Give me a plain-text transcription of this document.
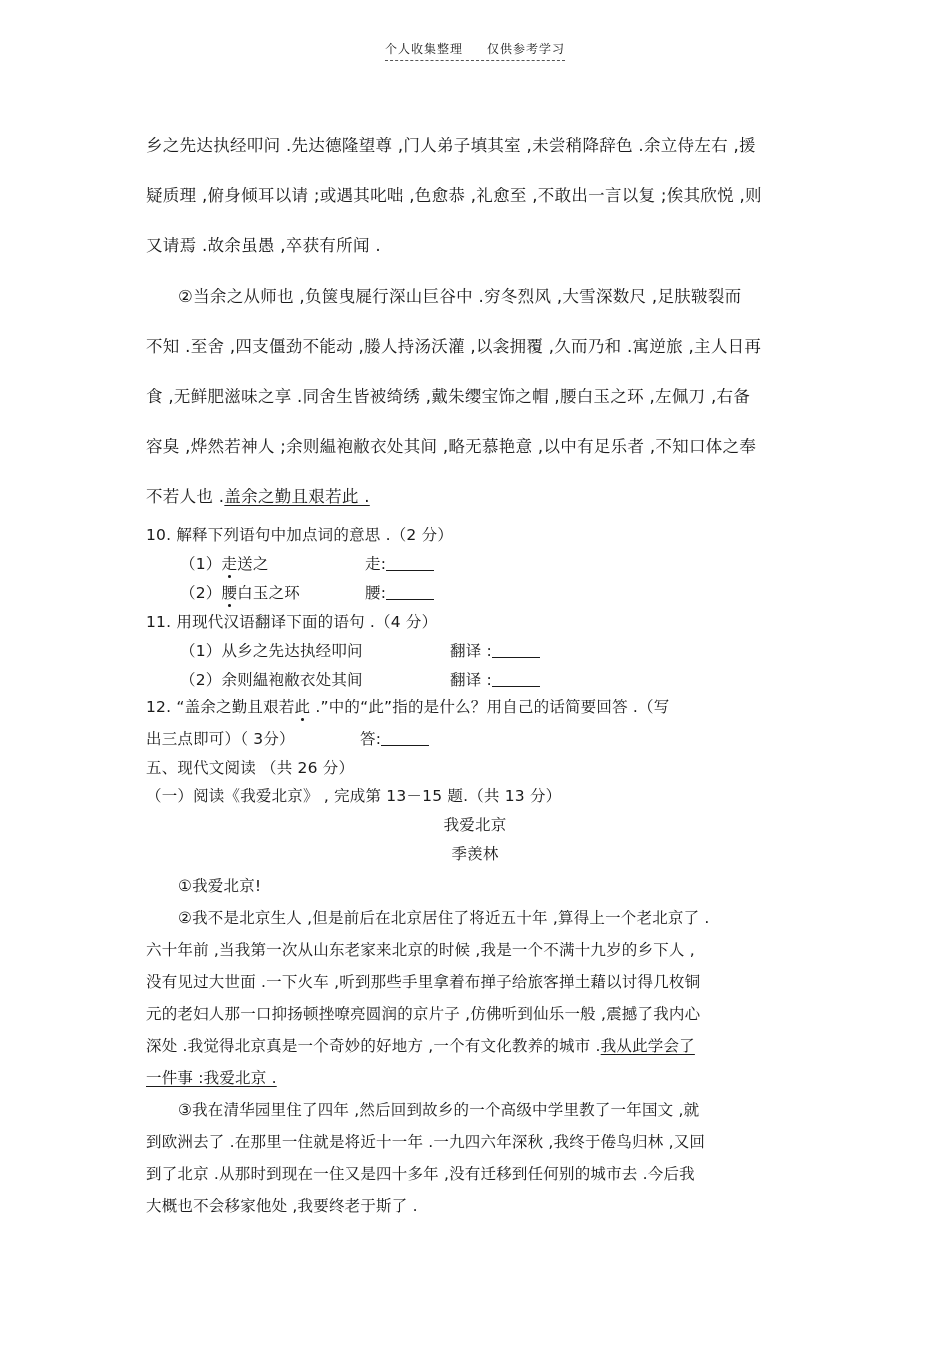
个人收集整理 仅供参考学习
乡之先达执经叩问 .先达德隆望尊 ,门人弟子填其室 ,未尝稍降辞色 .余立侍左右 ,援
疑质理 ,俯身倾耳以请 ;或遇其叱咄 ,色愈恭 ,礼愈至 ,不敢出一言以复 ;俟其欣悦 ,则
又请焉 .故余虽愚 ,卒获有所闻 .
②当余之从师也 ,负箧曳屣行深山巨谷中 .穷冬烈风 ,大雪深数尺 ,足肤皲裂而
不知 .至舍 ,四支僵劲不能动 ,媵人持汤沃灌 ,以衾拥覆 ,久而乃和 .寓逆旅 ,主人日再
食 ,无鲜肥滋味之享 .同舍生皆被绮绣 ,戴朱缨宝饰之帽 ,腰白玉之环 ,左佩刀 ,右备
容臭 ,烨然若神人 ;余则緼袍敝衣处其间 ,略无慕艳意 ,以中有足乐者 ,不知口体之奉
不若人也 .盖余之勤且艰若此 .
10. 解释下列语句中加点词的意思 .（2 分）
（1）走送之	走:
（2）腰白玉之环	腰:
11. 用现代汉语翻译下面的语句 .（4 分）
（1）从乡之先达执经叩问	翻译 :
（2）余则緼袍敝衣处其间	翻译 :
12. “盖余之勤且艰若此 .”中的“此”指的是什么？用自己的话简要回答 .（写
出三点即可）（ 3分）	答:
五、现代文阅读 （共 26 分）
（一）阅读《我爱北京》 , 完成第 13－15 题.（共 13 分）
我爱北京
季羡林
①我爱北京!
②我不是北京生人 ,但是前后在北京居住了将近五十年 ,算得上一个老北京了 .
六十年前 ,当我第一次从山东老家来北京的时候 ,我是一个不满十九岁的乡下人 ,
没有见过大世面 .一下火车 ,听到那些手里拿着布掸子给旅客掸土藉以讨得几枚铜
元的老妇人那一口抑扬顿挫嘹亮圆润的京片子 ,仿佛听到仙乐一般 ,震撼了我内心
深处 .我觉得北京真是一个奇妙的好地方 ,一个有文化教养的城市 .我从此学会了
一件事 :我爱北京 .
③我在清华园里住了四年 ,然后回到故乡的一个高级中学里教了一年国文 ,就
到欧洲去了 .在那里一住就是将近十一年 .一九四六年深秋 ,我终于倦鸟归林 ,又回
到了北京 .从那时到现在一住又是四十多年 ,没有迁移到任何别的城市去 .今后我
大概也不会移家他处 ,我要终老于斯了 .
